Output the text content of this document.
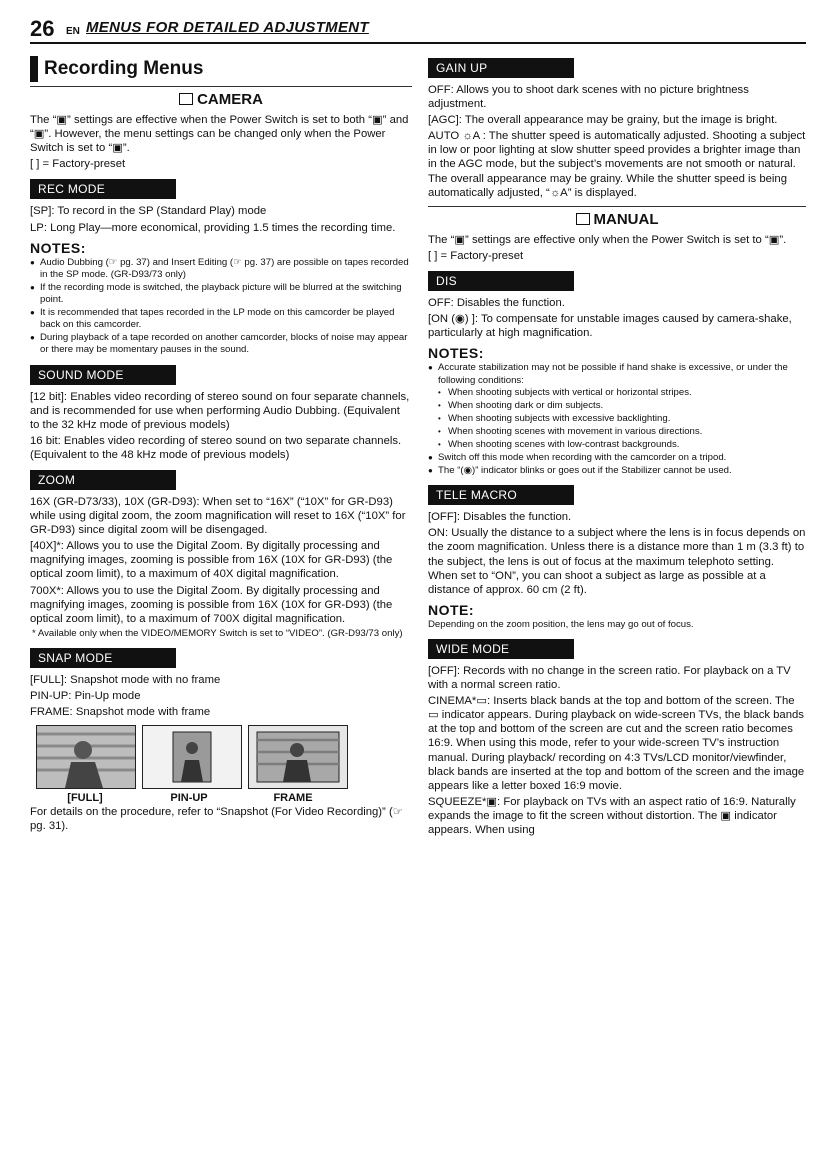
26 EN MENUS FOR DETAILED ADJUSTMENT
Recording Menus
CAMERA

The “▣” settings are effective when the Power Switch is set to both “▣” and “▣”. However, the menu settings can be changed only when the Power Switch is set to “▣”.

[ ] = Factory-preset

REC MODE

[SP]: To record in the SP (Standard Play) mode

LP: Long Play—more economical, providing 1.5 times the recording time.

NOTES:
● Audio Dubbing (☞ pg. 37) and Insert Editing (☞ pg. 37) are possible on tapes recorded in the SP mode. (GR-D93/73 only)
● If the recording mode is switched, the playback picture will be blurred at the switching point.
● It is recommended that tapes recorded in the LP mode on this camcorder be played back on this camcorder.
● During playback of a tape recorded on another camcorder, blocks of noise may appear or there may be momentary pauses in the sound.
SOUND MODE

[12 bit]: Enables video recording of stereo sound on four separate channels, and is recommended for use when performing Audio Dubbing. (Equivalent to the 32 kHz mode of previous models)

16 bit: Enables video recording of stereo sound on two separate channels. (Equivalent to the 48 kHz mode of previous models)

ZOOM

16X (GR-D73/33), 10X (GR-D93): When set to “16X” (“10X” for GR-D93) while using digital zoom, the zoom magnification will reset to 16X (“10X” for GR-D93) since digital zoom will be disengaged.

[40X]*: Allows you to use the Digital Zoom. By digitally processing and magnifying images, zooming is possible from 16X (10X for GR-D93) (the optical zoom limit), to a maximum of 40X digital magnification.

700X*: Allows you to use the Digital Zoom. By digitally processing and magnifying images, zooming is possible from 16X (10X for GR-D93) (the optical zoom limit), to a maximum of 700X digital magnification.

* Available only when the VIDEO/MEMORY Switch is set to “VIDEO”. (GR-D93/73 only)

SNAP MODE

[FULL]: Snapshot mode with no frame

PIN-UP: Pin-Up mode

FRAME: Snapshot mode with frame

[FULL]	PIN-UP	FRAME

For details on the procedure, refer to “Snapshot (For Video Recording)” (☞ pg. 31).

GAIN UP

OFF: Allows you to shoot dark scenes with no picture brightness adjustment.

[AGC]: The overall appearance may be grainy, but the image is bright.

AUTO ☼A : The shutter speed is automatically adjusted. Shooting a subject in low or poor lighting at slow shutter speed provides a brighter image than in the AGC mode, but the subject’s movements are not smooth or natural. The overall appearance may be grainy. While the shutter speed is being automatically adjusted, “☼A” is displayed.

MANUAL

The “▣” settings are effective only when the Power Switch is set to “▣”.

[ ] = Factory-preset

DIS

OFF: Disables the function.

[ON (◉) ]: To compensate for unstable images caused by camera-shake, particularly at high magnification.

NOTES:
● Accurate stabilization may not be possible if hand shake is excessive, or under the following conditions:
• When shooting subjects with vertical or horizontal stripes.
• When shooting dark or dim subjects.
• When shooting subjects with excessive backlighting.
• When shooting scenes with movement in various directions.
• When shooting scenes with low-contrast backgrounds.
● Switch off this mode when recording with the camcorder on a tripod.
● The “(◉)” indicator blinks or goes out if the Stabilizer cannot be used.
TELE MACRO

[OFF]: Disables the function.

ON: Usually the distance to a subject where the lens is in focus depends on the zoom magnification. Unless there is a distance more than 1 m (3.3 ft) to the subject, the lens is out of focus at the maximum telephoto setting. When set to “ON”, you can shoot a subject as large as possible at a distance of approx. 60 cm (2 ft).

NOTE:

Depending on the zoom position, the lens may go out of focus.

WIDE MODE

[OFF]: Records with no change in the screen ratio. For playback on a TV with a normal screen ratio.

CINEMA*▭: Inserts black bands at the top and bottom of the screen. The ▭ indicator appears. During playback on wide-screen TVs, the black bands at the top and bottom of the screen are cut and the screen ratio becomes 16:9. When using this mode, refer to your wide-screen TV’s instruction manual. During playback/ recording on 4:3 TVs/LCD monitor/viewfinder, black bands are inserted at the top and bottom of the screen and the image appears like a letter boxed 16:9 movie.

SQUEEZE*▣: For playback on TVs with an aspect ratio of 16:9. Naturally expands the image to fit the screen without distortion. The ▣ indicator appears. When using
